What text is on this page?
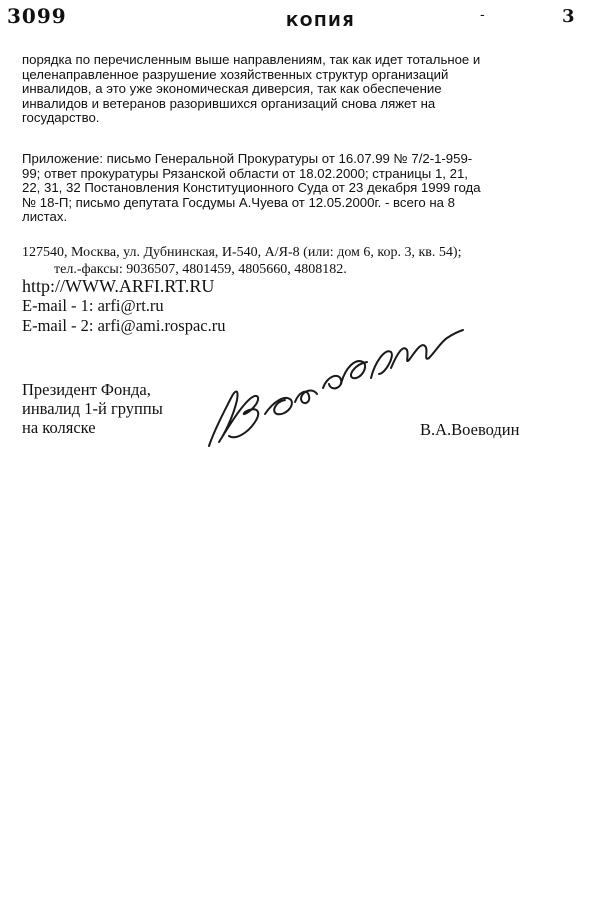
3099	КОПИЯ	-	3
порядка по перечисленным выше направлениям, так как идет тотальное и
целенаправленное разрушение хозяйственных структур организаций
инвалидов, а это уже экономическая диверсия, так как обеспечение
инвалидов и ветеранов разорившихся организаций снова ляжет на
государство.
Приложение: письмо Генеральной Прокуратуры от 16.07.99 № 7/2-1-959-
99; ответ прокуратуры Рязанской области от 18.02.2000; страницы 1, 21,
22, 31, 32 Постановления Конституционного Суда от 23 декабря 1999 года
№ 18-П; письмо депутата Госдумы А.Чуева от 12.05.2000г. - всего на 8
листах.
127540, Москва, ул. Дубнинская, И-540, А/Я-8 (или: дом 6, кор. 3, кв. 54);
тел.-факсы: 9036507, 4801459, 4805660, 4808182.
http://WWW.ARFI.RT.RU
E-mail - 1: arfi@rt.ru
E-mail - 2: arfi@ami.rospac.ru
Президент Фонда,
инвалид 1-й группы
на коляске	В.А.Воеводин
